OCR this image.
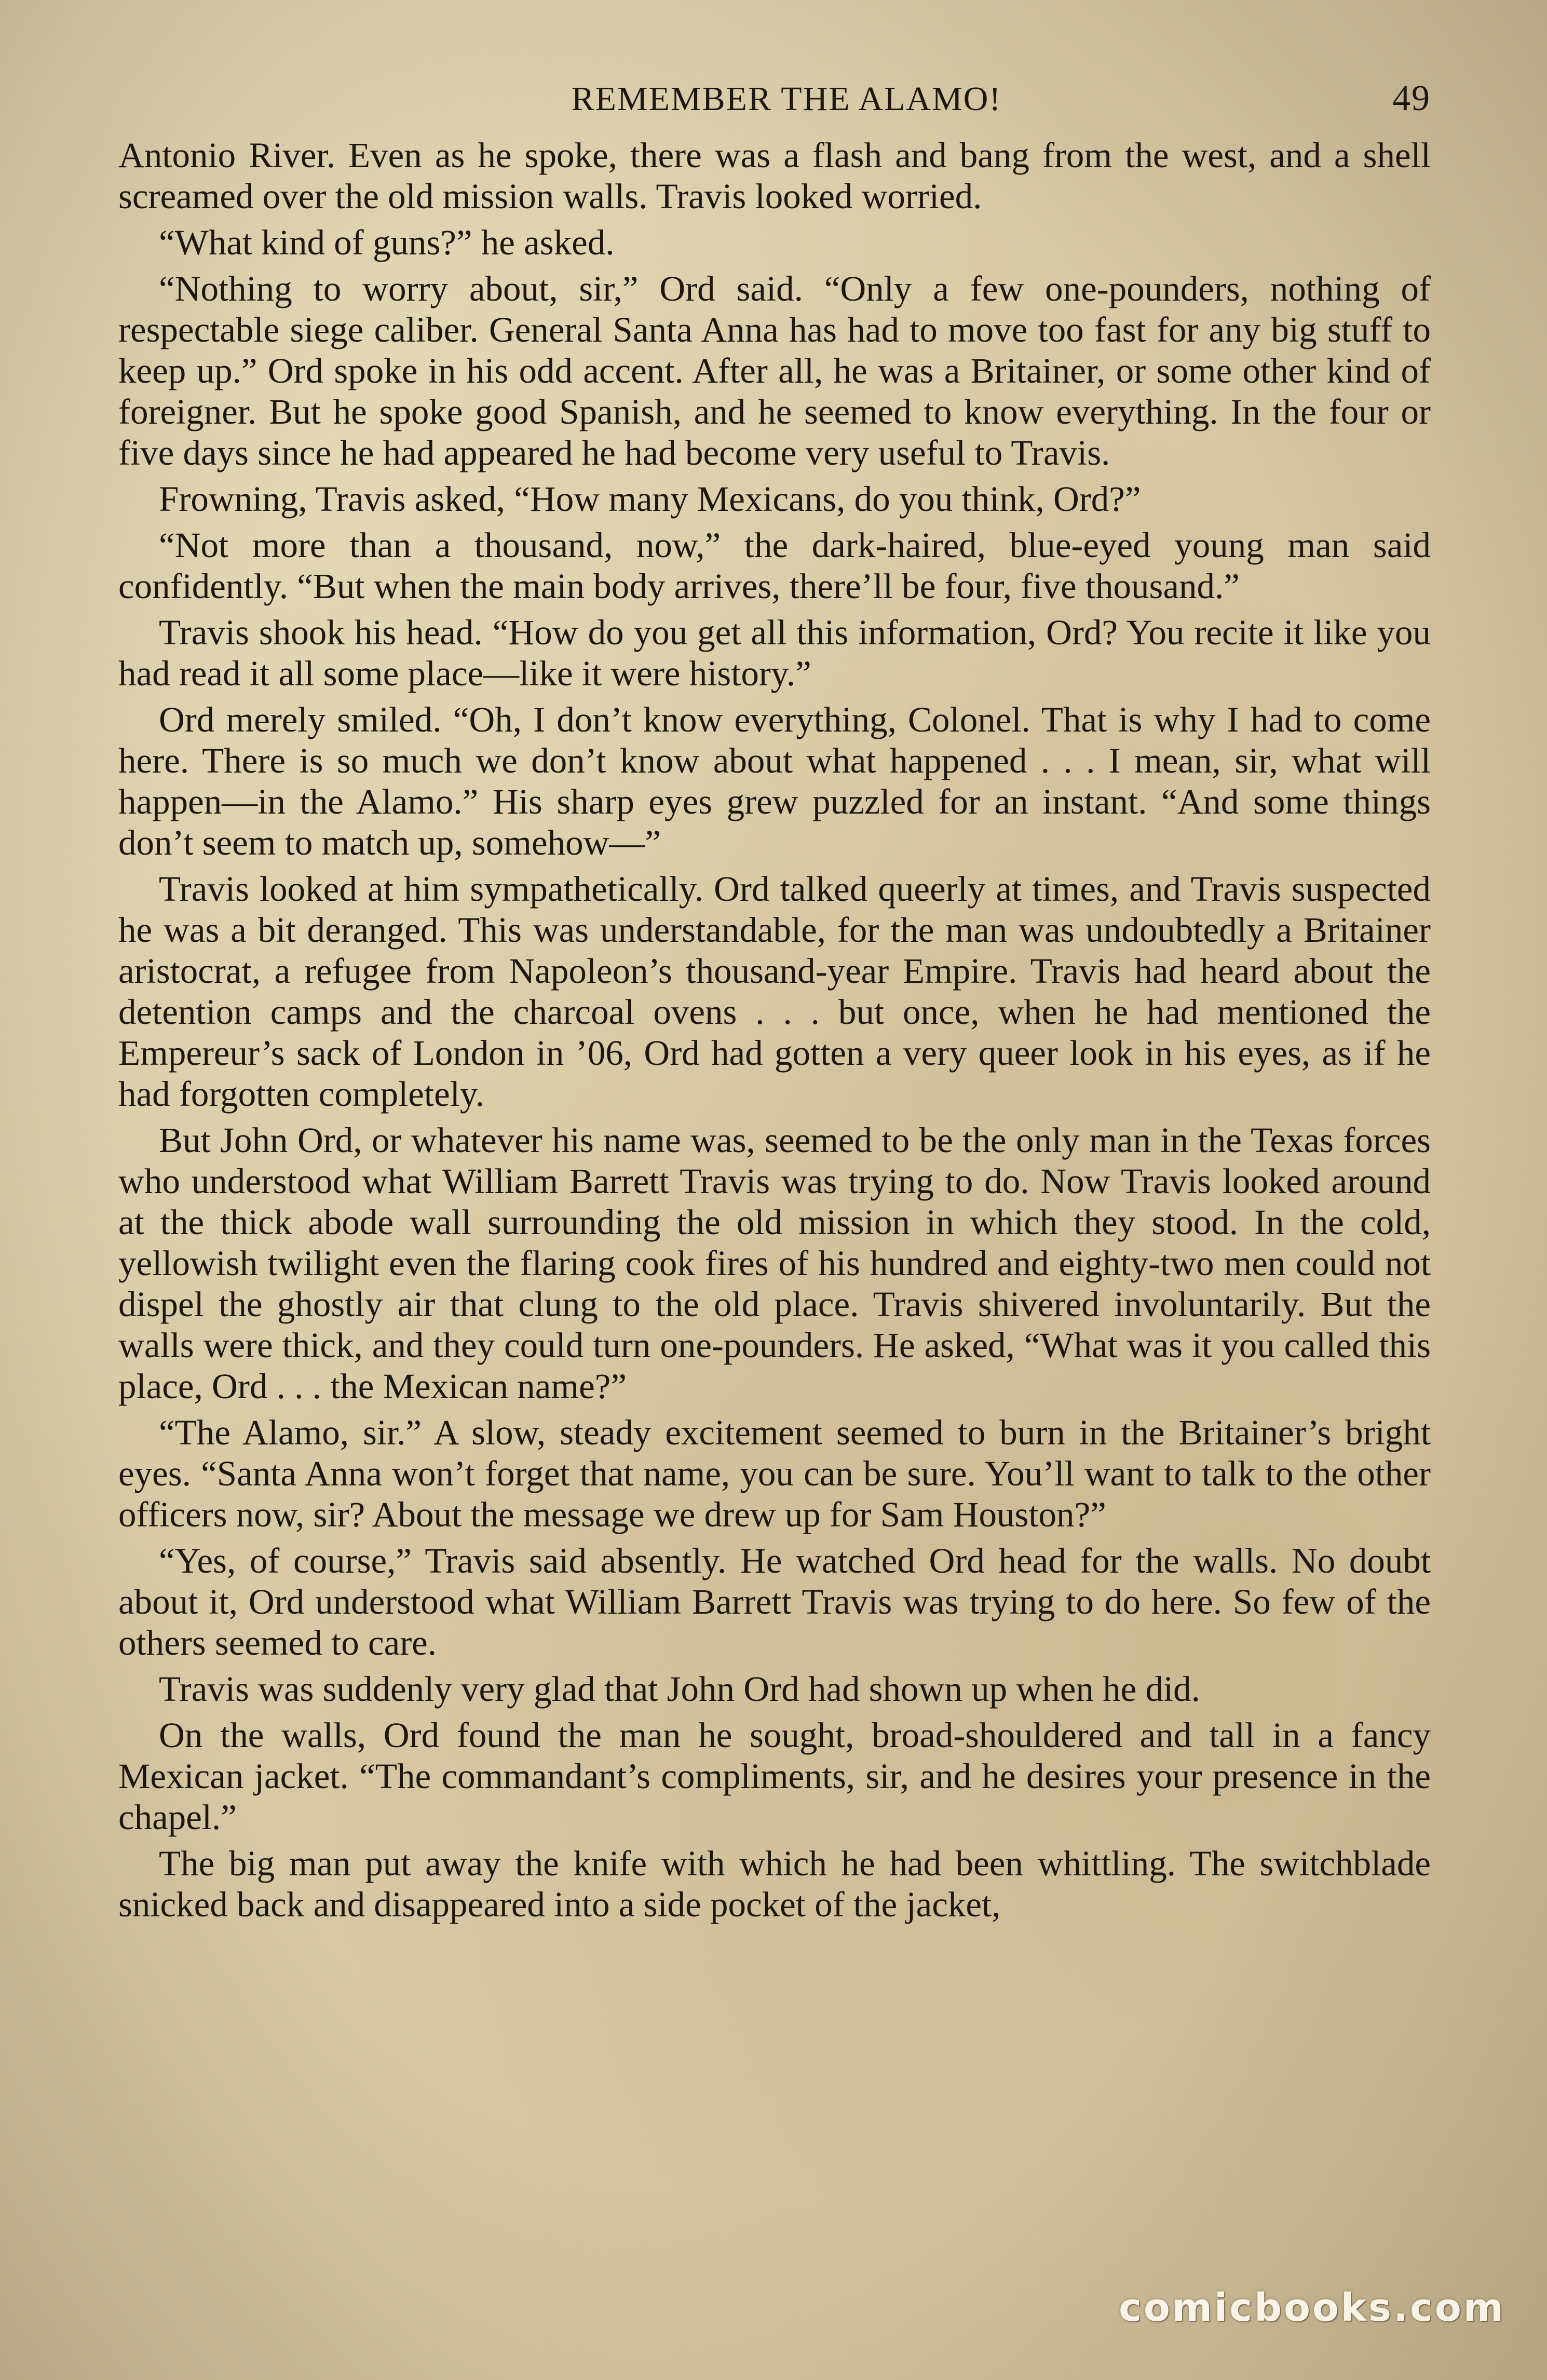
REMEMBER THE ALAMO!	49

Antonio River. Even as he spoke, there was a flash and bang from the west, and a shell screamed over the old mission walls. Travis looked worried.

“What kind of guns?” he asked.

“Nothing to worry about, sir,” Ord said. “Only a few one-pounders, nothing of respectable siege caliber. General Santa Anna has had to move too fast for any big stuff to keep up.” Ord spoke in his odd accent. After all, he was a Britainer, or some other kind of foreigner. But he spoke good Spanish, and he seemed to know everything. In the four or five days since he had appeared he had become very useful to Travis.

Frowning, Travis asked, “How many Mexicans, do you think, Ord?”

“Not more than a thousand, now,” the dark-haired, blue-eyed young man said confidently. “But when the main body arrives, there’ll be four, five thousand.”

Travis shook his head. “How do you get all this information, Ord? You recite it like you had read it all some place—like it were history.”

Ord merely smiled. “Oh, I don’t know everything, Colonel. That is why I had to come here. There is so much we don’t know about what happened . . . I mean, sir, what will happen—in the Alamo.” His sharp eyes grew puzzled for an instant. “And some things don’t seem to match up, somehow—”

Travis looked at him sympathetically. Ord talked queerly at times, and Travis suspected he was a bit deranged. This was understandable, for the man was undoubtedly a Britainer aristocrat, a refugee from Napoleon’s thousand-year Empire. Travis had heard about the detention camps and the charcoal ovens . . . but once, when he had mentioned the Empereur’s sack of London in ’06, Ord had gotten a very queer look in his eyes, as if he had forgotten completely.

But John Ord, or whatever his name was, seemed to be the only man in the Texas forces who understood what William Barrett Travis was trying to do. Now Travis looked around at the thick abode wall surrounding the old mission in which they stood. In the cold, yellowish twilight even the flaring cook fires of his hundred and eighty-two men could not dispel the ghostly air that clung to the old place. Travis shivered involuntarily. But the walls were thick, and they could turn one-pounders. He asked, “What was it you called this place, Ord . . . the Mexican name?”

“The Alamo, sir.” A slow, steady excitement seemed to burn in the Britainer’s bright eyes. “Santa Anna won’t forget that name, you can be sure. You’ll want to talk to the other officers now, sir? About the message we drew up for Sam Houston?”

“Yes, of course,” Travis said absently. He watched Ord head for the walls. No doubt about it, Ord understood what William Barrett Travis was trying to do here. So few of the others seemed to care.

Travis was suddenly very glad that John Ord had shown up when he did.

On the walls, Ord found the man he sought, broad-shouldered and tall in a fancy Mexican jacket. “The commandant’s compliments, sir, and he desires your presence in the chapel.”

The big man put away the knife with which he had been whittling. The switchblade snicked back and disappeared into a side pocket of the jacket,

comicbooks.com
